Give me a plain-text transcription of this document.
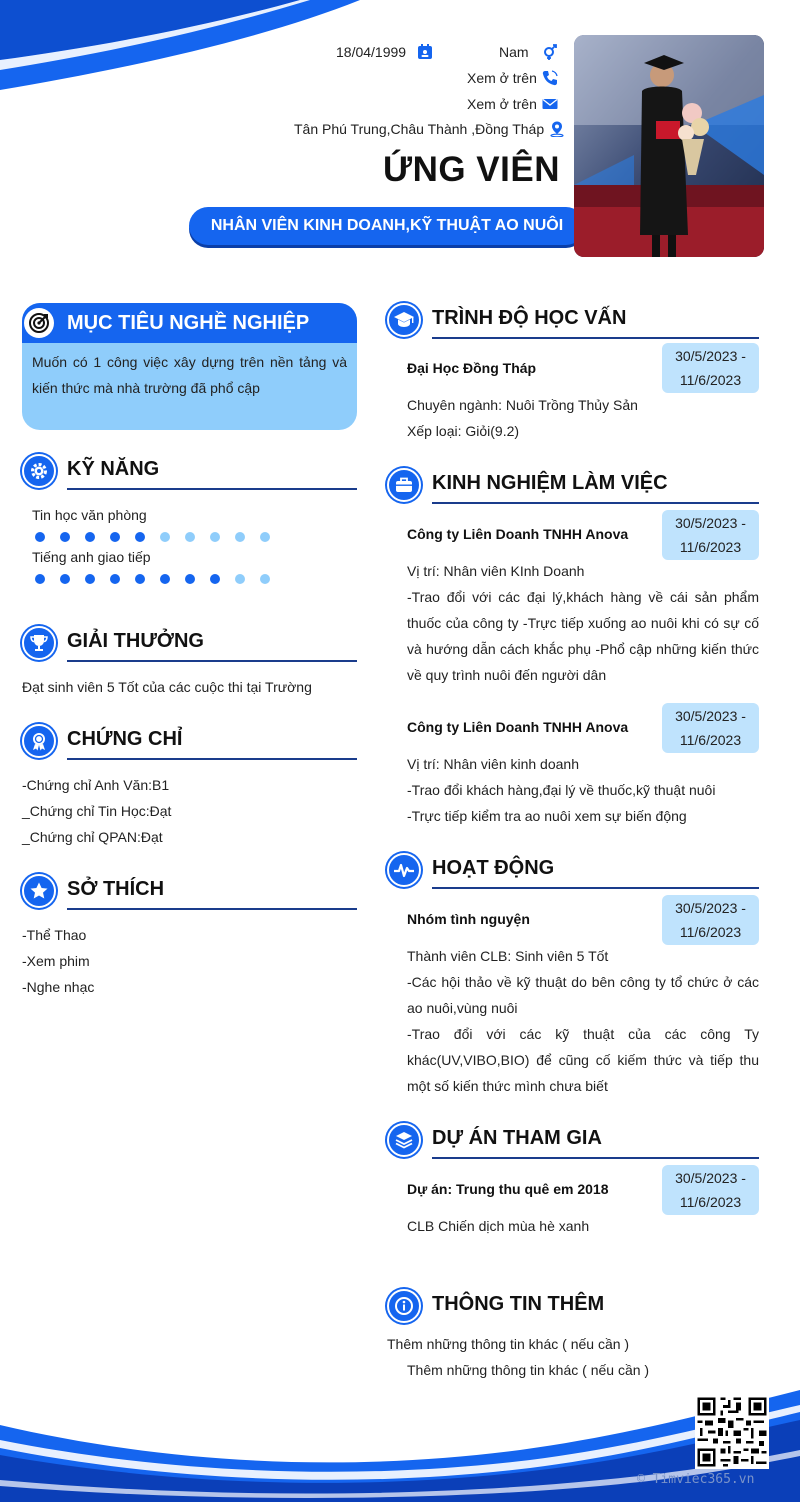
18/04/1999	Nam
Xem ở trên
Xem ở trên
Tân Phú Trung,Châu Thành ,Đồng Tháp
ỨNG VIÊN
NHÂN VIÊN KINH DOANH,KỸ THUẬT AO NUÔI
MỤC TIÊU NGHỀ NGHIỆP
Muốn có 1 công việc xây dựng trên nền tảng và kiến thức mà nhà trường đã phổ cập
KỸ NĂNG
Tin học văn phòng
Tiếng anh giao tiếp
GIẢI THƯỞNG
Đạt sinh viên 5 Tốt của các cuộc thi tại Trường
CHỨNG CHỈ
-Chứng chỉ Anh Văn:B1
_Chứng chỉ Tin Học:Đạt
_Chứng chỉ QPAN:Đạt
SỞ THÍCH
-Thể Thao
-Xem phim
-Nghe nhạc
TRÌNH ĐỘ HỌC VẤN
30/5/2023 -
11/6/2023
Đại Học Đồng Tháp
Chuyên ngành: Nuôi Trồng Thủy Sản
Xếp loại: Giỏi(9.2)
KINH NGHIỆM LÀM VIỆC
30/5/2023 -
11/6/2023
Công ty Liên Doanh TNHH Anova
Vị trí: Nhân viên KInh Doanh
-Trao đổi với các đại lý,khách hàng về cái sản phẩm thuốc của công ty -Trực tiếp xuống ao nuôi khi có sự cố và hướng dẫn cách khắc phụ -Phổ cập những kiến thức về quy trình nuôi đến người dân
30/5/2023 -
11/6/2023
Công ty Liên Doanh TNHH Anova
Vị trí: Nhân viên kinh doanh
-Trao đổi khách hàng,đại lý về thuốc,kỹ thuật nuôi
-Trực tiếp kiểm tra ao nuôi xem sự biến động
HOẠT ĐỘNG
30/5/2023 -
11/6/2023
Nhóm tình nguyện
Thành viên CLB: Sinh viên 5 Tốt
-Các hội thảo về kỹ thuật do bên công ty tổ chức ở các ao nuôi,vùng nuôi
-Trao đổi với các kỹ thuật của các công Ty khác(UV,VIBO,BIO) để cũng cố kiếm thức và tiếp thu một số kiến thức mình chưa biết
DỰ ÁN THAM GIA
30/5/2023 -
11/6/2023
Dự án: Trung thu quê em 2018
CLB Chiến dịch mùa hè xanh
THÔNG TIN THÊM
Thêm những thông tin khác ( nếu cần )
Thêm những thông tin khác ( nếu cần )
© Timviec365.vn
